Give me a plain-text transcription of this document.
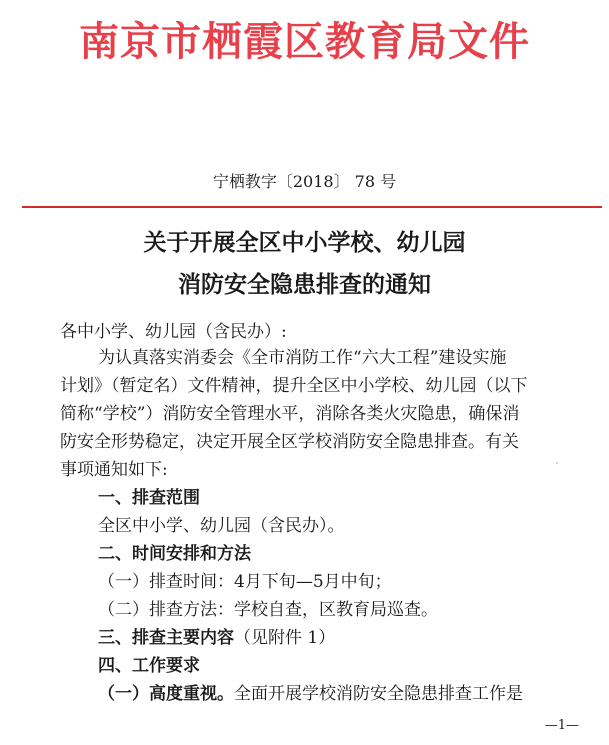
南京市栖霞区教育局文件
宁栖教字〔2018〕 78 号
关于开展全区中小学校、幼儿园
消防安全隐患排查的通知
各中小学、幼儿园（含民办）:
为认真落实消委会《全市消防工作“六大工程”建设实施
计划》（暂定名）文件精神，提升全区中小学校、幼儿园（以下
简称“学校”）消防安全管理水平，消除各类火灾隐患，确保消
防安全形势稳定，决定开展全区学校消防安全隐患排查。有关
事项通知如下:
一、排查范围
全区中小学、幼儿园（含民办）。
二、时间安排和方法
（一）排查时间：4月下旬—5月中旬；
（二）排查方法：学校自查，区教育局巡查。
三、排查主要内容（见附件 1）
四、工作要求
（一）高度重视。全面开展学校消防安全隐患排查工作是
—1—
